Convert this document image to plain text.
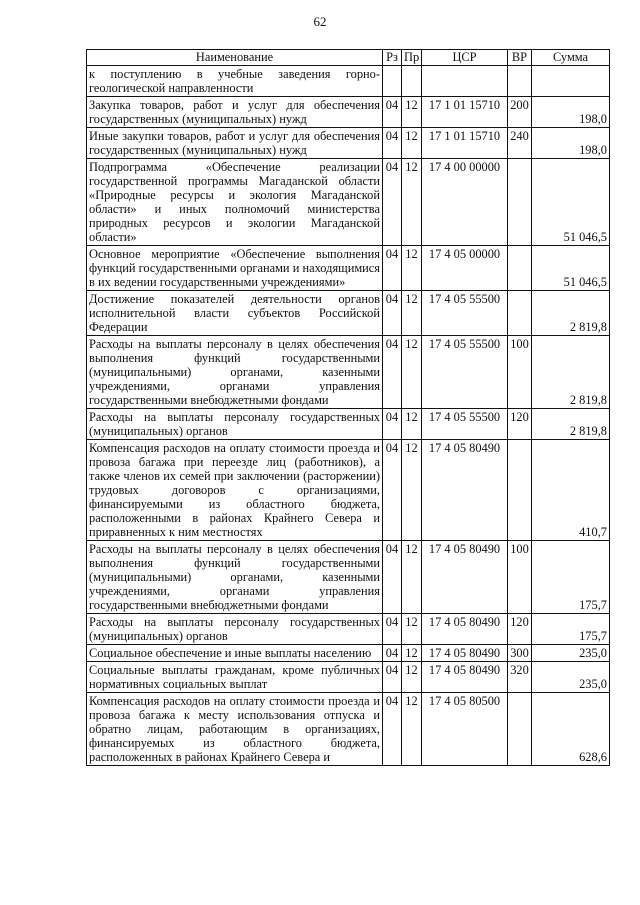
62
Наименование	Рз	Пр	ЦСР	ВР	Сумма
к поступлению в учебные заведения горно-геологической направленности					
Закупка товаров, работ и услуг для обеспечения государственных (муниципальных) нужд	04	12	17 1 01 15710	200	198,0
Иные закупки товаров, работ и услуг для обеспечения государственных (муниципальных) нужд	04	12	17 1 01 15710	240	198,0
Подпрограмма «Обеспечение реализации государственной программы Магаданской области «Природные ресурсы и экология Магаданской области» и иных полномочий министерства природных ресурсов и экологии Магаданской области»	04	12	17 4 00 00000		51 046,5
Основное мероприятие «Обеспечение выполнения функций государственными органами и находящимися в их ведении государственными учреждениями»	04	12	17 4 05 00000		51 046,5
Достижение показателей деятельности органов исполнительной власти субъектов Российской Федерации	04	12	17 4 05 55500		2 819,8
Расходы на выплаты персоналу в целях обеспечения выполнения функций государственными (муниципальными) органами, казенными учреждениями, органами управления государственными внебюджетными фондами	04	12	17 4 05 55500	100	2 819,8
Расходы на выплаты персоналу государственных (муниципальных) органов	04	12	17 4 05 55500	120	2 819,8
Компенсация расходов на оплату стоимости проезда и провоза багажа при переезде лиц (работников), а также членов их семей при заключении (расторжении) трудовых договоров с организациями, финансируемыми из областного бюджета, расположенными в районах Крайнего Севера и приравненных к ним местностях	04	12	17 4 05 80490		410,7
Расходы на выплаты персоналу в целях обеспечения выполнения функций государственными (муниципальными) органами, казенными учреждениями, органами управления государственными внебюджетными фондами	04	12	17 4 05 80490	100	175,7
Расходы на выплаты персоналу государственных (муниципальных) органов	04	12	17 4 05 80490	120	175,7
Социальное обеспечение и иные выплаты населению	04	12	17 4 05 80490	300	235,0
Социальные выплаты гражданам, кроме публичных нормативных социальных выплат	04	12	17 4 05 80490	320	235,0
Компенсация расходов на оплату стоимости проезда и провоза багажа к месту использования отпуска и обратно лицам, работающим в организациях, финансируемых из областного бюджета, расположенных в районах Крайнего Севера и	04	12	17 4 05 80500		628,6
